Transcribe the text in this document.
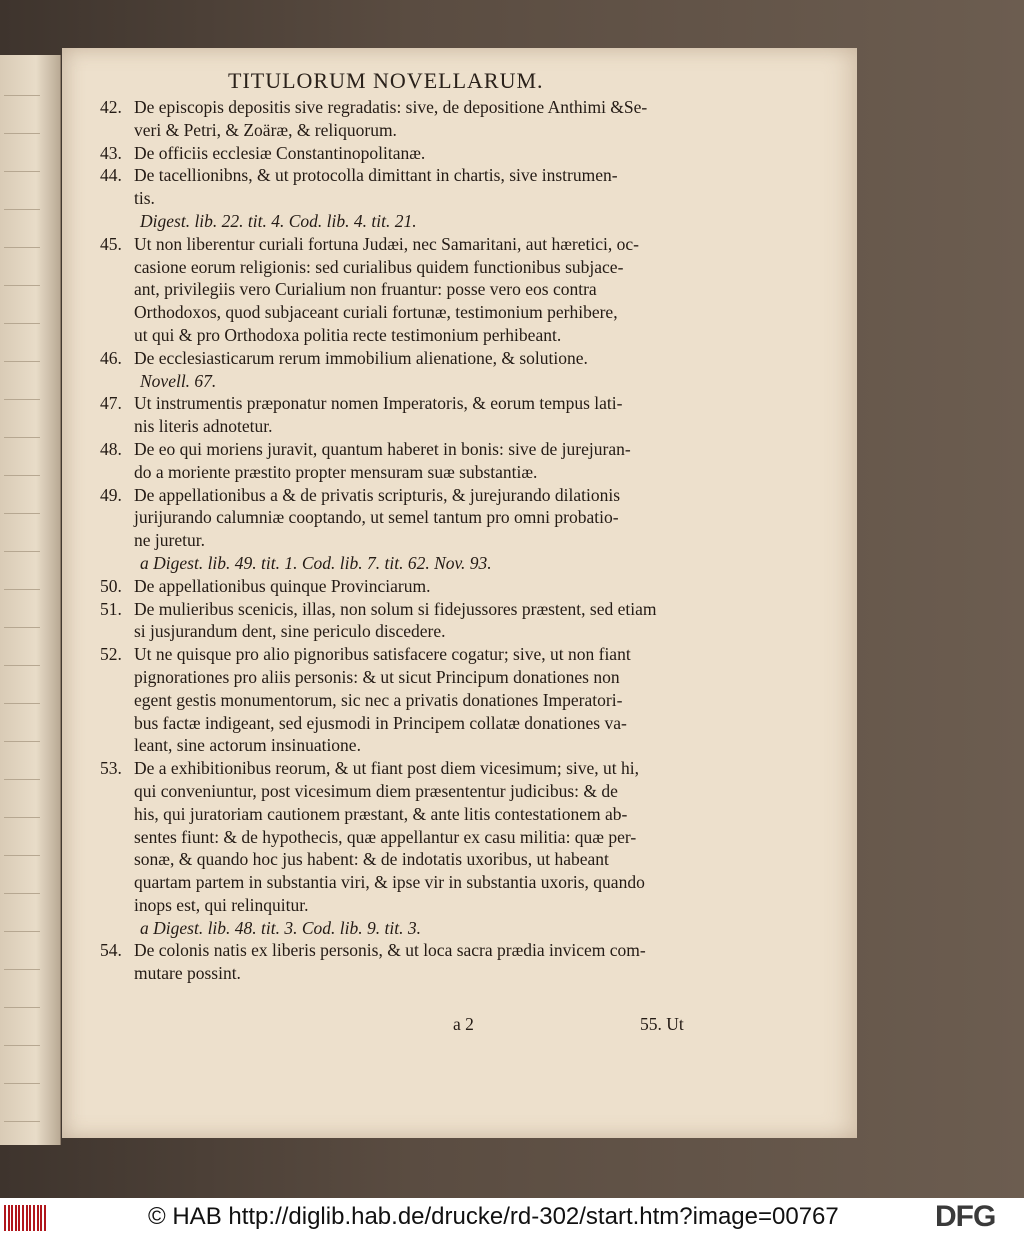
TITULORUM NOVELLARUM.
42. De episcopis depositis sive regradatis: sive, de depositione Anthimi &Se-
veri & Petri, & Zoäræ, & reliquorum.
43. De officiis ecclesiæ Constantinopolitanæ.
44. De tacellionibns, & ut protocolla dimittant in chartis, sive instrumen-
tis.
Digest. lib. 22. tit. 4. Cod. lib. 4. tit. 21.
45. Ut non liberentur curiali fortuna Judæi, nec Samaritani, aut hæretici, oc-
casione eorum religionis: sed curialibus quidem functionibus subjace-
ant, privilegiis vero Curialium non fruantur: posse vero eos contra
Orthodoxos, quod subjaceant curiali fortunæ, testimonium perhibere,
ut qui & pro Orthodoxa politia recte testimonium perhibeant.
46. De ecclesiasticarum rerum immobilium alienatione, & solutione.
Novell. 67.
47. Ut instrumentis præponatur nomen Imperatoris, & eorum tempus lati-
nis literis adnotetur.
48. De eo qui moriens juravit, quantum haberet in bonis: sive de jurejuran-
do a moriente præstito propter mensuram suæ substantiæ.
49. De appellationibus a & de privatis scripturis, & jurejurando dilationis
jurijurando calumniæ cooptando, ut semel tantum pro omni probatio-
ne juretur.
a Digest. lib. 49. tit. 1. Cod. lib. 7. tit. 62. Nov. 93.
50. De appellationibus quinque Provinciarum.
51. De mulieribus scenicis, illas, non solum si fidejussores præstent, sed etiam
si jusjurandum dent, sine periculo discedere.
52. Ut ne quisque pro alio pignoribus satisfacere cogatur; sive, ut non fiant
pignorationes pro aliis personis: & ut sicut Principum donationes non
egent gestis monumentorum, sic nec a privatis donationes Imperatori-
bus factæ indigeant, sed ejusmodi in Principem collatæ donationes va-
leant, sine actorum insinuatione.
53. De a exhibitionibus reorum, & ut fiant post diem vicesimum; sive, ut hi,
qui conveniuntur, post vicesimum diem præsententur judicibus: & de
his, qui juratoriam cautionem præstant, & ante litis contestationem ab-
sentes fiunt: & de hypothecis, quæ appellantur ex casu militia: quæ per-
sonæ, & quando hoc jus habent: & de indotatis uxoribus, ut habeant
quartam partem in substantia viri, & ipse vir in substantia uxoris, quando
inops est, qui relinquitur.
a Digest. lib. 48. tit. 3. Cod. lib. 9. tit. 3.
54. De colonis natis ex liberis personis, & ut loca sacra prædia invicem com-
mutare possint.
a 2	55. Ut
© HAB http://diglib.hab.de/drucke/rd-302/start.htm?image=00767	DFG
